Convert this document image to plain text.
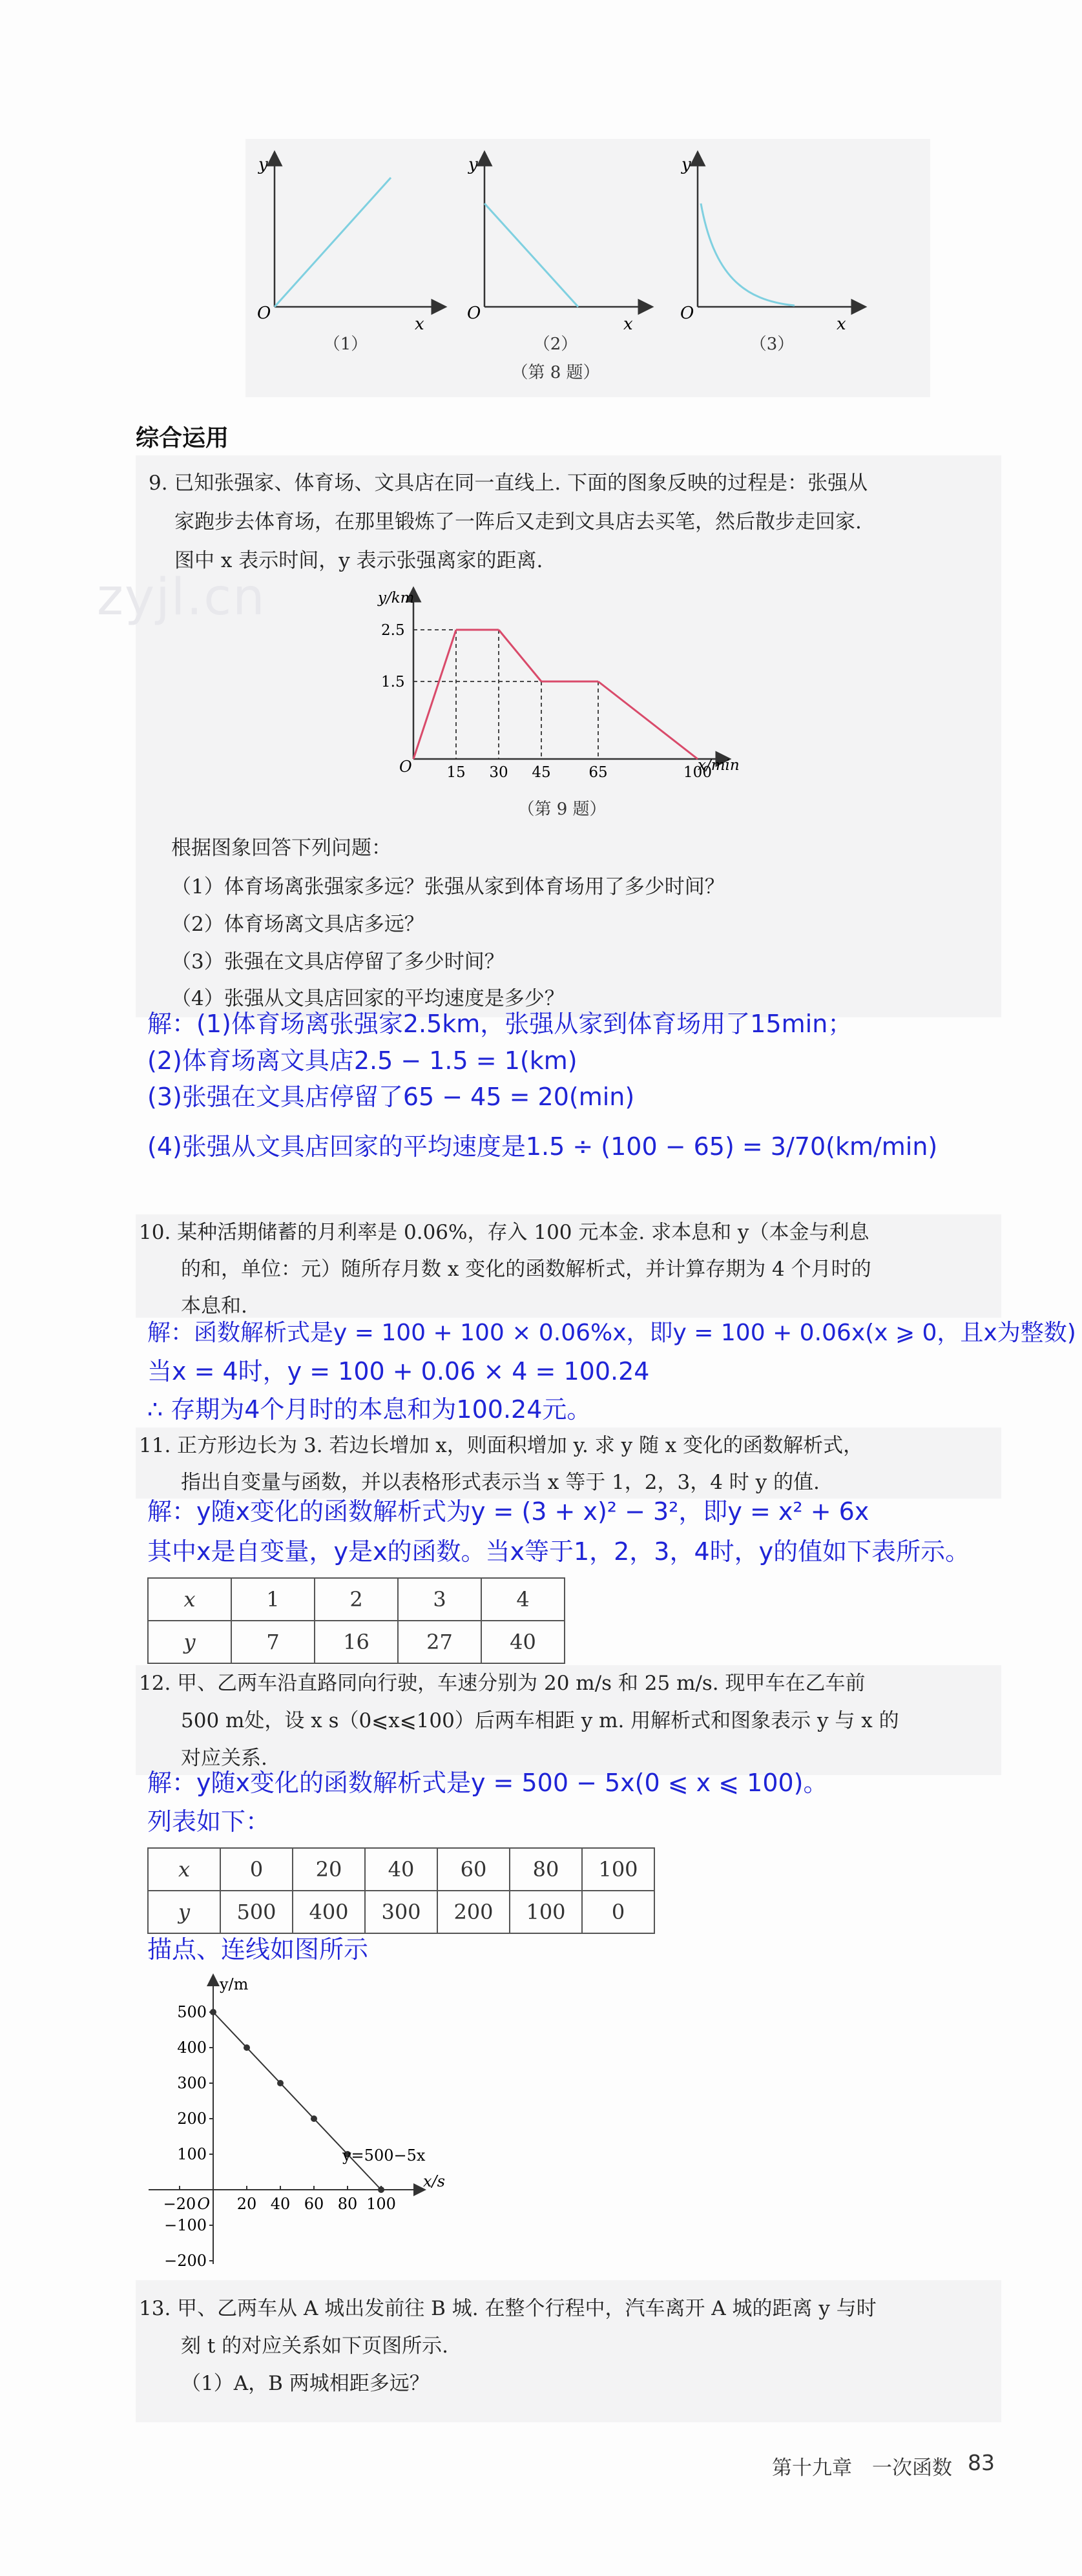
y
O
x
y
O
x
y
O
x
（1）	（2）	（3）
（第 8 题）
综合运用
9. 已知张强家、体育场、文具店在同一直线上. 下面的图象反映的过程是：张强从
家跑步去体育场，在那里锻炼了一阵后又走到文具店去买笔，然后散步走回家.
图中 x 表示时间，y 表示张强离家的距离.
zyjl.cn	y/km
x/min
O
1.5
2.5
15 30 45	65	100
（第 9 题）
根据图象回答下列问题：
（1）体育场离张强家多远？张强从家到体育场用了多少时间？
（2）体育场离文具店多远？
（3）张强在文具店停留了多少时间？
（4）张强从文具店回家的平均速度是多少？
解：(1)体育场离张强家2.5km，张强从家到体育场用了15min；
(2)体育场离文具店2.5 − 1.5 = 1(km)
(3)张强在文具店停留了65 − 45 = 20(min)
(4)张强从文具店回家的平均速度是1.5 ÷ (100 − 65) = 3/70(km/min)
10. 某种活期储蓄的月利率是 0.06%，存入 100 元本金. 求本息和 y（本金与利息
的和，单位：元）随所存月数 x 变化的函数解析式，并计算存期为 4 个月时的
本息和.
解：函数解析式是y = 100 + 100 × 0.06%x，即y = 100 + 0.06x(x ⩾ 0，且x为整数)
当x = 4时，y = 100 + 0.06 × 4 = 100.24
∴ 存期为4个月时的本息和为100.24元。
11. 正方形边长为 3. 若边长增加 x，则面积增加 y. 求 y 随 x 变化的函数解析式，
指出自变量与函数，并以表格形式表示当 x 等于 1，2，3，4 时 y 的值.
解：y随x变化的函数解析式为y = (3 + x)² − 3²，即y = x² + 6x
其中x是自变量，y是x的函数。当x等于1，2，3，4时，y的值如下表所示。
x	1	2	3	4
y	7	16	27	40
12. 甲、乙两车沿直路同向行驶，车速分别为 20 m/s 和 25 m/s. 现甲车在乙车前
500 m处，设 x s（0⩽x⩽100）后两车相距 y m. 用解析式和图象表示 y 与 x 的
对应关系.
解：y随x变化的函数解析式是y = 500 − 5x(0 ⩽ x ⩽ 100)。
列表如下：
x	0	20	40	60	80	100
y	500	400	300	200	100	0
描点、连线如图所示
y/m
x/s
O
500
400
300
200
100
−100
−200
−20	20 40 60 80 100
y=500−5x
13. 甲、乙两车从 A 城出发前往 B 城. 在整个行程中，汽车离开 A 城的距离 y 与时
刻 t 的对应关系如下页图所示.
（1）A，B 两城相距多远？
第十九章　一次函数 83
